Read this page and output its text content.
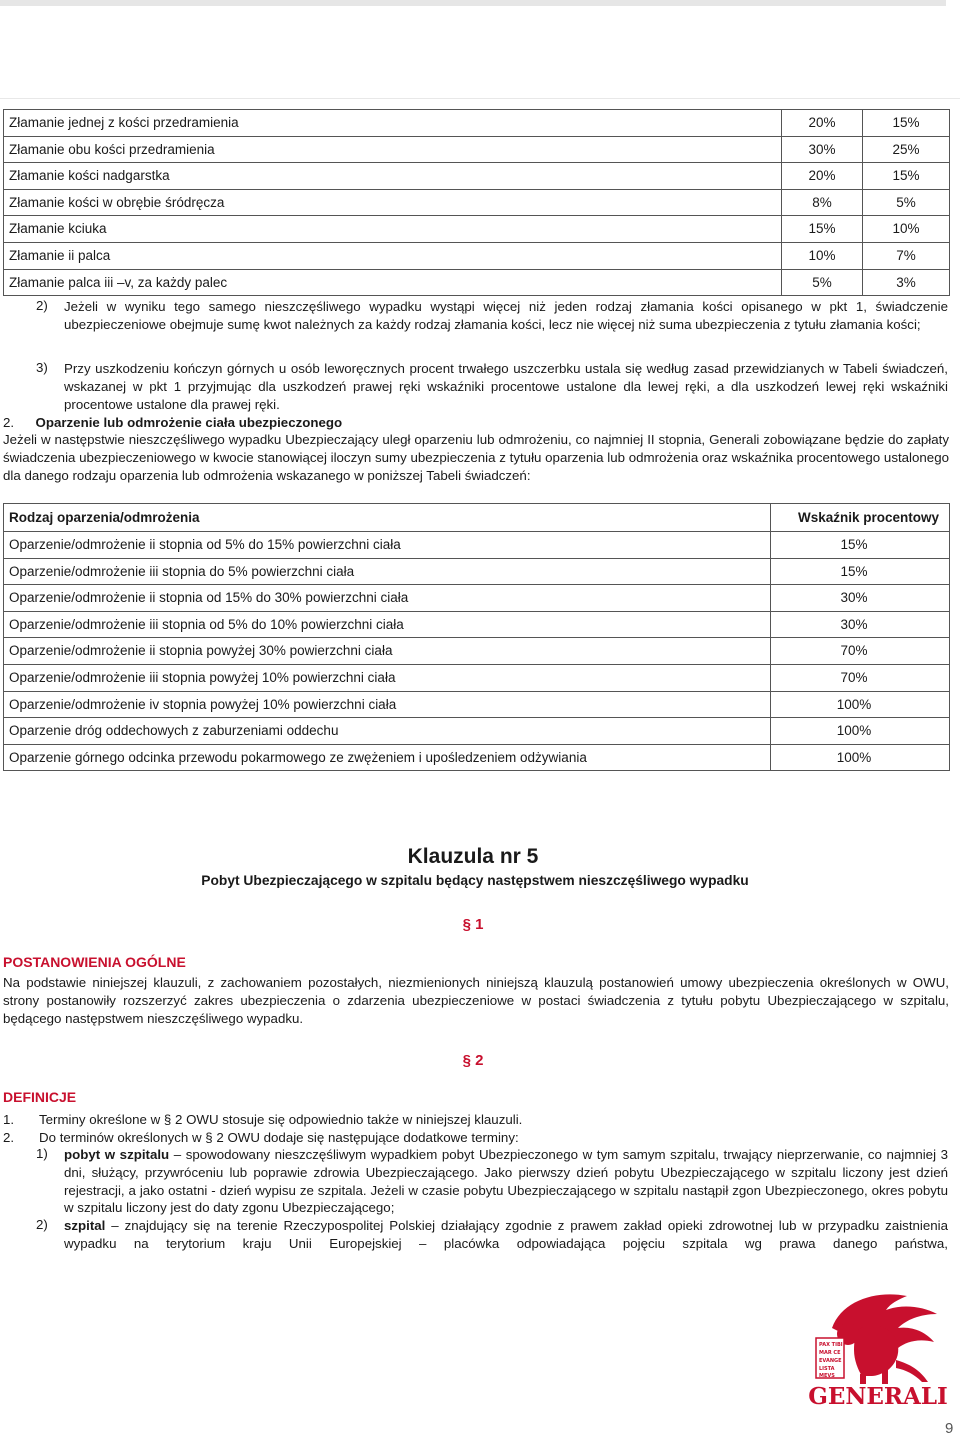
Złamanie jednej z kości przedramienia	20%	15%
Złamanie obu kości przedramienia	30%	25%
Złamanie kości nadgarstka	20%	15%
Złamanie kości w obrębie śródręcza	8%	5%
Złamanie kciuka	15%	10%
Złamanie ii palca	10%	7%
Złamanie palca iii –v, za każdy palec	5%	3%
2) Jeżeli w wyniku tego samego nieszczęśliwego wypadku wystąpi więcej niż jeden rodzaj złamania kości opisanego w pkt 1, świadczenie ubezpieczeniowe obejmuje sumę kwot należnych za każdy rodzaj złamania kości, lecz nie więcej niż suma ubezpieczenia z tytułu złamania kości;
3) Przy uszkodzeniu kończyn górnych u osób leworęcznych procent trwałego uszczerbku ustala się według zasad przewidzianych w Tabeli świadczeń, wskazanej w pkt 1 przyjmując dla uszkodzeń prawej ręki wskaźniki procentowe ustalone dla lewej ręki, a dla uszkodzeń lewej ręki wskaźniki procentowe ustalone dla prawej ręki.
2. Oparzenie lub odmrożenie ciała ubezpieczonego
Jeżeli w następstwie nieszczęśliwego wypadku Ubezpieczający uległ oparzeniu lub odmrożeniu, co najmniej II stopnia, Generali zobowiązane będzie do zapłaty świadczenia ubezpieczeniowego w kwocie stanowiącej iloczyn sumy ubezpieczenia z tytułu oparzenia lub odmrożenia oraz wskaźnika procentowego ustalonego dla danego rodzaju oparzenia lub odmrożenia wskazanego w poniższej Tabeli świadczeń:
Rodzaj oparzenia/odmrożenia	Wskaźnik procentowy
Oparzenie/odmrożenie ii stopnia od 5% do 15% powierzchni ciała	15%
Oparzenie/odmrożenie iii stopnia do 5% powierzchni ciała	15%
Oparzenie/odmrożenie ii stopnia od 15% do 30% powierzchni ciała	30%
Oparzenie/odmrożenie iii stopnia od 5% do 10% powierzchni ciała	30%
Oparzenie/odmrożenie ii stopnia powyżej 30% powierzchni ciała	70%
Oparzenie/odmrożenie iii stopnia powyżej 10% powierzchni ciała	70%
Oparzenie/odmrożenie iv stopnia powyżej 10% powierzchni ciała	100%
Oparzenie dróg oddechowych z zaburzeniami oddechu	100%
Oparzenie górnego odcinka przewodu pokarmowego ze zwężeniem i upośledzeniem odżywiania	100%
Klauzula nr 5
Pobyt Ubezpieczającego w szpitalu będący następstwem nieszczęśliwego wypadku
§ 1
POSTANOWIENIA OGÓLNE
Na podstawie niniejszej klauzuli, z zachowaniem pozostałych, niezmienionych niniejszą klauzulą postanowień umowy ubezpieczenia określonych w OWU, strony postanowiły rozszerzyć zakres ubezpieczenia o zdarzenia ubezpieczeniowe w postaci świadczenia z tytułu pobytu Ubezpieczającego w szpitalu, będącego następstwem nieszczęśliwego wypadku.
§ 2
DEFINICJE
1. Terminy określone w § 2 OWU stosuje się odpowiednio także w niniejszej klauzuli.
2. Do terminów określonych w § 2 OWU dodaje się następujące dodatkowe terminy:
1) pobyt w szpitalu – spowodowany nieszczęśliwym wypadkiem pobyt Ubezpieczonego w tym samym szpitalu, trwający nieprzerwanie, co najmniej 3 dni, służący, przywróceniu lub poprawie zdrowia Ubezpieczającego. Jako pierwszy dzień pobytu Ubezpieczającego w szpitalu liczony jest dzień rejestracji, a jako ostatni - dzień wypisu ze szpitala. Jeżeli w czasie pobytu Ubezpieczającego w szpitalu nastąpił zgon Ubezpieczonego, okres pobytu w szpitalu liczony jest do daty zgonu Ubezpieczającego;
2) szpital – znajdujący się na terenie Rzeczypospolitej Polskiej działający zgodnie z prawem zakład opieki zdrowotnej lub w przypadku zaistnienia wypadku na terytorium kraju Unii Europejskiej – placówka odpowiadająca pojęciu szpitala wg prawa danego państwa,
PAX TIBI
MAR CE
EVANGE
LISTA
MEVS
GENERALI
9
